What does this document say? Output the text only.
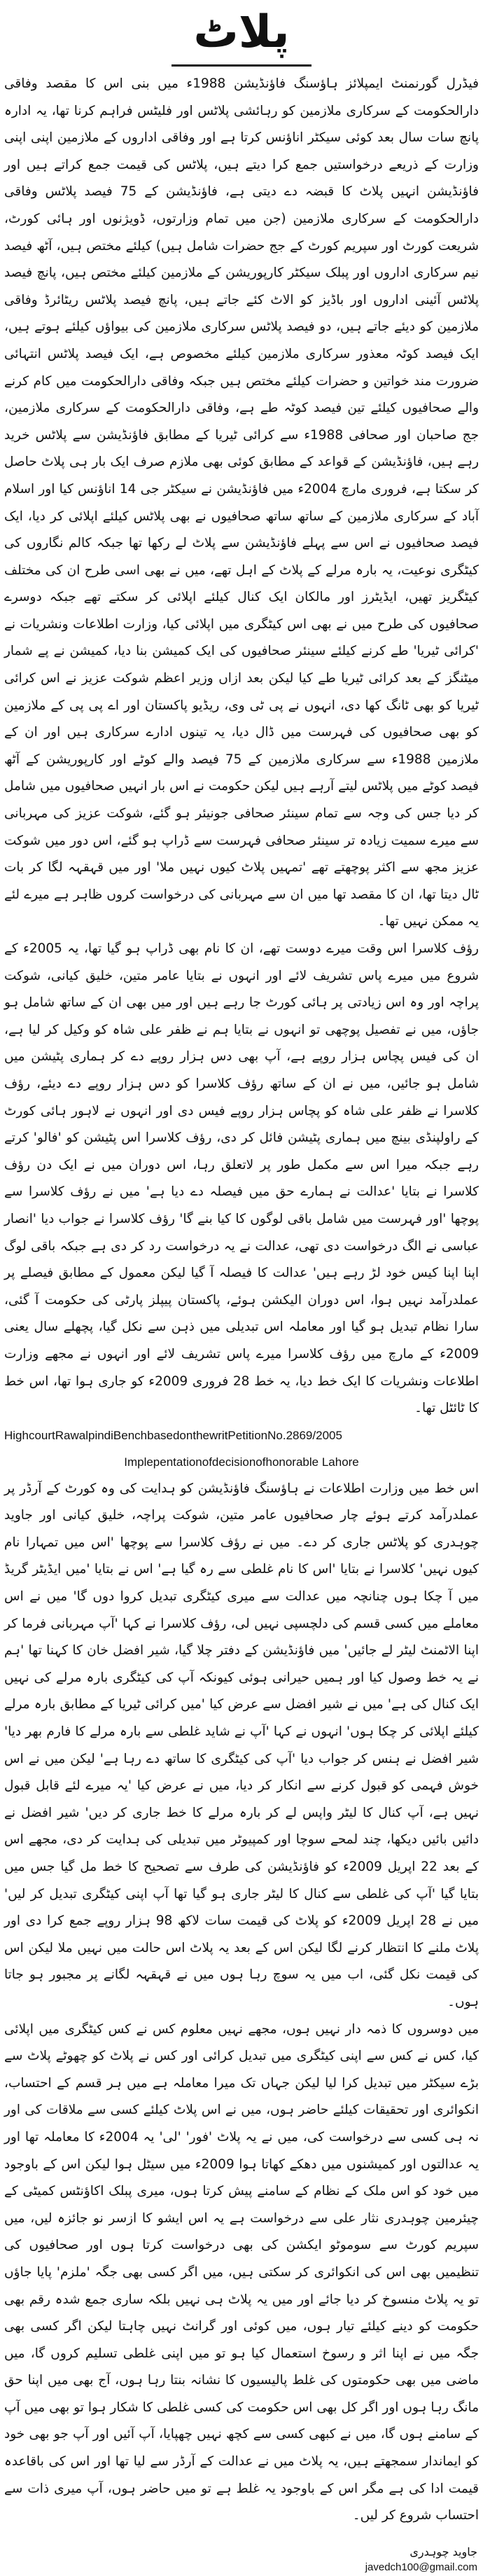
پلاٹ

فیڈرل گورنمنٹ ایمپلائز ہاؤسنگ فاؤنڈیشن 1988ء میں بنی اس کا مقصد وفاقی دارالحکومت کے سرکاری ملازمین کو رہائشی پلاٹس اور فلیٹس فراہم کرنا تھا، یہ ادارہ پانچ سات سال بعد کوئی سیکٹر اناؤنس کرتا ہے اور وفاقی اداروں کے ملازمین اپنی اپنی وزارت کے ذریعے درخواستیں جمع کرا دیتے ہیں، پلاٹس کی قیمت جمع کراتے ہیں اور فاؤنڈیشن انہیں پلاٹ کا قبضہ دے دیتی ہے، فاؤنڈیشن کے 75 فیصد پلاٹس وفاقی دارالحکومت کے سرکاری ملازمین (جن میں تمام وزارتوں، ڈویژنوں اور ہائی کورٹ، شریعت کورٹ اور سپریم کورٹ کے جج حضرات شامل ہیں) کیلئے مختص ہیں، آٹھ فیصد نیم سرکاری اداروں اور پبلک سیکٹر کارپوریشن کے ملازمین کیلئے مختص ہیں، پانچ فیصد پلاٹس آئینی اداروں اور باڈیز کو الاٹ کئے جاتے ہیں، پانچ فیصد پلاٹس ریٹائرڈ وفاقی ملازمین کو دیئے جاتے ہیں، دو فیصد پلاٹس سرکاری ملازمین کی بیواؤں کیلئے ہوتے ہیں، ایک فیصد کوٹہ معذور سرکاری ملازمین کیلئے مخصوص ہے، ایک فیصد پلاٹس انتہائی ضرورت مند خواتین و حضرات کیلئے مختص ہیں جبکہ وفاقی دارالحکومت میں کام کرنے والے صحافیوں کیلئے تین فیصد کوٹہ طے ہے، وفاقی دارالحکومت کے سرکاری ملازمین، جج صاحبان اور صحافی 1988ء سے کرائی ٹیریا کے مطابق فاؤنڈیشن سے پلاٹس خرید رہے ہیں، فاؤنڈیشن کے قواعد کے مطابق کوئی بھی ملازم صرف ایک بار ہی پلاٹ حاصل کر سکتا ہے، فروری مارچ 2004ء میں فاؤنڈیشن نے سیکٹر جی 14 اناؤنس کیا اور اسلام آباد کے سرکاری ملازمین کے ساتھ ساتھ صحافیوں نے بھی پلاٹس کیلئے اپلائی کر دیا، ایک فیصد صحافیوں نے اس سے پہلے فاؤنڈیشن سے پلاٹ لے رکھا تھا جبکہ کالم نگاروں کی کیٹگری نوعیت، یہ بارہ مرلے کے پلاٹ کے اہل تھے، میں نے بھی اسی طرح ان کی مختلف کیٹگریز تھیں، ایڈیٹرز اور مالکان ایک کنال کیلئے اپلائی کر سکتے تھے جبکہ دوسرے صحافیوں کی طرح میں نے بھی اس کیٹگری میں اپلائی کیا، وزارت اطلاعات ونشریات نے 'کرائی ٹیریا' طے کرنے کیلئے سینئر صحافیوں کی ایک کمیشن بنا دیا، کمیشن نے پے شمار میٹنگز کے بعد کرائی ٹیریا طے کیا لیکن بعد ازاں وزیر اعظم شوکت عزیز نے اس کرائی ٹیریا کو بھی ٹانگ کھا دی، انہوں نے پی ٹی وی، ریڈیو پاکستان اور اے پی پی کے ملازمین کو بھی صحافیوں کی فہرست میں ڈال دیا، یہ تینوں ادارے سرکاری ہیں اور ان کے ملازمین 1988ء سے سرکاری ملازمین کے 75 فیصد والے کوٹے اور کارپوریشن کے آٹھ فیصد کوٹے میں پلاٹس لیتے آرہے ہیں لیکن حکومت نے اس بار انہیں صحافیوں میں شامل کر دیا جس کی وجہ سے تمام سینئر صحافی جونیئر ہو گئے، شوکت عزیز کی مہربانی سے میرے سمیت زیادہ تر سینئر صحافی فہرست سے ڈراپ ہو گئے، اس دور میں شوکت عزیز مجھ سے اکثر پوچھتے تھے 'تمہیں پلاٹ کیوں نہیں ملا' اور میں قہقہہ لگا کر بات ٹال دیتا تھا، ان کا مقصد تھا میں ان سے مہربانی کی درخواست کروں ظاہر ہے میرے لئے یہ ممکن نہیں تھا۔

رؤف کلاسرا اس وقت میرے دوست تھے، ان کا نام بھی ڈراپ ہو گیا تھا، یہ 2005ء کے شروع میں میرے پاس تشریف لائے اور انہوں نے بتایا عامر متین، خلیق کیانی، شوکت پراچہ اور وہ اس زیادتی پر ہائی کورٹ جا رہے ہیں اور میں بھی ان کے ساتھ شامل ہو جاؤں، میں نے تفصیل پوچھی تو انہوں نے بتایا ہم نے ظفر علی شاہ کو وکیل کر لیا ہے، ان کی فیس پچاس ہزار روپے ہے، آپ بھی دس ہزار روپے دے کر ہماری پٹیشن میں شامل ہو جائیں، میں نے ان کے ساتھ رؤف کلاسرا کو دس ہزار روپے دے دیئے، رؤف کلاسرا نے ظفر علی شاہ کو پچاس ہزار روپے فیس دی اور انہوں نے لاہور ہائی کورٹ کے راولپنڈی بینچ میں ہماری پٹیشن فائل کر دی، رؤف کلاسرا اس پٹیشن کو 'فالو' کرتے رہے جبکہ میرا اس سے مکمل طور پر لاتعلق رہا، اس دوران میں نے ایک دن رؤف کلاسرا نے بتایا 'عدالت نے ہمارے حق میں فیصلہ دے دیا ہے' میں نے رؤف کلاسرا سے پوچھا 'اور فہرست میں شامل باقی لوگوں کا کیا بنے گا' رؤف کلاسرا نے جواب دیا 'انصار عباسی نے الگ درخواست دی تھی، عدالت نے یہ درخواست رد کر دی ہے جبکہ باقی لوگ اپنا اپنا کیس خود لڑ رہے ہیں' عدالت کا فیصلہ آ گیا لیکن معمول کے مطابق فیصلے پر عملدرآمد نہیں ہوا، اس دوران الیکشن ہوئے، پاکستان پیپلز پارٹی کی حکومت آ گئی، سارا نظام تبدیل ہو گیا اور معاملہ اس تبدیلی میں ذہن سے نکل گیا، پچھلے سال یعنی 2009ء کے مارچ میں رؤف کلاسرا میرے پاس تشریف لائے اور انہوں نے مجھے وزارت اطلاعات ونشریات کا ایک خط دیا، یہ خط 28 فروری 2009ء کو جاری ہوا تھا، اس خط کا ٹائٹل تھا۔

HighcourtRawalpindiBenchbasedonthewritPetitionNo.2869/2005
Implepentationofdecisionofhonorable Lahore

اس خط میں وزارت اطلاعات نے ہاؤسنگ فاؤنڈیشن کو ہدایت کی وہ کورٹ کے آرڈر پر عملدرآمد کرتے ہوئے چار صحافیوں عامر متین، شوکت پراچہ، خلیق کیانی اور جاوید چوہدری کو پلاٹس جاری کر دے۔ میں نے رؤف کلاسرا سے پوچھا 'اس میں تمہارا نام کیوں نہیں' کلاسرا نے بتایا 'اس کا نام غلطی سے رہ گیا ہے' اس نے بتایا 'میں ایڈیٹر گریڈ میں آ چکا ہوں چنانچہ میں عدالت سے میری کیٹگری تبدیل کروا دوں گا' میں نے اس معاملے میں کسی قسم کی دلچسپی نہیں لی، رؤف کلاسرا نے کہا 'آپ مہربانی فرما کر اپنا الاٹمنٹ لیٹر لے جائیں' میں فاؤنڈیشن کے دفتر چلا گیا، شیر افضل خان کا کہنا تھا 'ہم نے یہ خط وصول کیا اور ہمیں حیرانی ہوئی کیونکہ آپ کی کیٹگری بارہ مرلے کی نہیں ایک کنال کی ہے' میں نے شیر افضل سے عرض کیا 'میں کرائی ٹیریا کے مطابق بارہ مرلے کیلئے اپلائی کر چکا ہوں' انہوں نے کہا 'آپ نے شاید غلطی سے بارہ مرلے کا فارم بھر دیا' شیر افضل نے ہنس کر جواب دیا 'آپ کی کیٹگری کا ساتھ دے رہا ہے' لیکن میں نے اس خوش فہمی کو قبول کرنے سے انکار کر دیا، میں نے عرض کیا 'یہ میرے لئے قابل قبول نہیں ہے، آپ کنال کا لیٹر واپس لے کر بارہ مرلے کا خط جاری کر دیں' شیر افضل نے دائیں بائیں دیکھا، چند لمحے سوچا اور کمپیوٹر میں تبدیلی کی ہدایت کر دی، مجھے اس کے بعد 22 اپریل 2009ء کو فاؤنڈیشن کی طرف سے تصحیح کا خط مل گیا جس میں بتایا گیا 'آپ کی غلطی سے کنال کا لیٹر جاری ہو گیا تھا آپ اپنی کیٹگری تبدیل کر لیں' میں نے 28 اپریل 2009ء کو پلاٹ کی قیمت سات لاکھ 98 ہزار روپے جمع کرا دی اور پلاٹ ملنے کا انتظار کرنے لگا لیکن اس کے بعد یہ پلاٹ اس حالت میں نہیں ملا لیکن اس کی قیمت نکل گئی، اب میں یہ سوچ رہا ہوں میں نے قہقہہ لگانے پر مجبور ہو جاتا ہوں۔

میں دوسروں کا ذمہ دار نہیں ہوں، مجھے نہیں معلوم کس نے کس کیٹگری میں اپلائی کیا، کس نے کس سے اپنی کیٹگری میں تبدیل کرائی اور کس نے پلاٹ کو چھوٹے پلاٹ سے بڑے سیکٹر میں تبدیل کرا لیا لیکن جہاں تک میرا معاملہ ہے میں ہر قسم کے احتساب، انکوائری اور تحقیقات کیلئے حاضر ہوں، میں نے اس پلاٹ کیلئے کسی سے ملاقات کی اور نہ ہی کسی سے درخواست کی، میں نے یہ پلاٹ 'فور' 'لی' یہ 2004ء کا معاملہ تھا اور یہ عدالتوں اور کمیشنوں میں دھکے کھاتا ہوا 2009ء میں سیٹل ہوا لیکن اس کے باوجود میں خود کو اس ملک کے نظام کے سامنے پیش کرتا ہوں، میری پبلک اکاؤنٹس کمیٹی کے چیئرمین چوہدری نثار علی سے درخواست ہے یہ اس ایشو کا ازسر نو جائزہ لیں، میں سپریم کورٹ سے سوموٹو ایکشن کی بھی درخواست کرتا ہوں اور صحافیوں کی تنظیمیں بھی اس کی انکوائری کر سکتی ہیں، میں اگر کسی بھی جگہ 'ملزم' پایا جاؤں تو یہ پلاٹ منسوخ کر دیا جائے اور میں یہ پلاٹ ہی نہیں بلکہ ساری جمع شدہ رقم بھی حکومت کو دینے کیلئے تیار ہوں، میں کوئی اور گرانٹ نہیں چاہتا لیکن اگر کسی بھی جگہ میں نے اپنا اثر و رسوخ استعمال کیا ہو تو میں اپنی غلطی تسلیم کروں گا، میں ماضی میں بھی حکومتوں کی غلط پالیسیوں کا نشانہ بنتا رہا ہوں، آج بھی میں اپنا حق مانگ رہا ہوں اور اگر کل بھی اس حکومت کی کسی غلطی کا شکار ہوا تو بھی میں آپ کے سامنے ہوں گا، میں نے کبھی کسی سے کچھ نہیں چھپایا، آپ آئیں اور آپ جو بھی خود کو ایماندار سمجھتے ہیں، یہ پلاٹ میں نے عدالت کے آرڈر سے لیا تھا اور اس کی باقاعدہ قیمت ادا کی ہے مگر اس کے باوجود یہ غلط ہے تو میں حاضر ہوں، آپ میری ذات سے احتساب شروع کر لیں۔

جاوید چوہدری
javedch100@gmail.com
